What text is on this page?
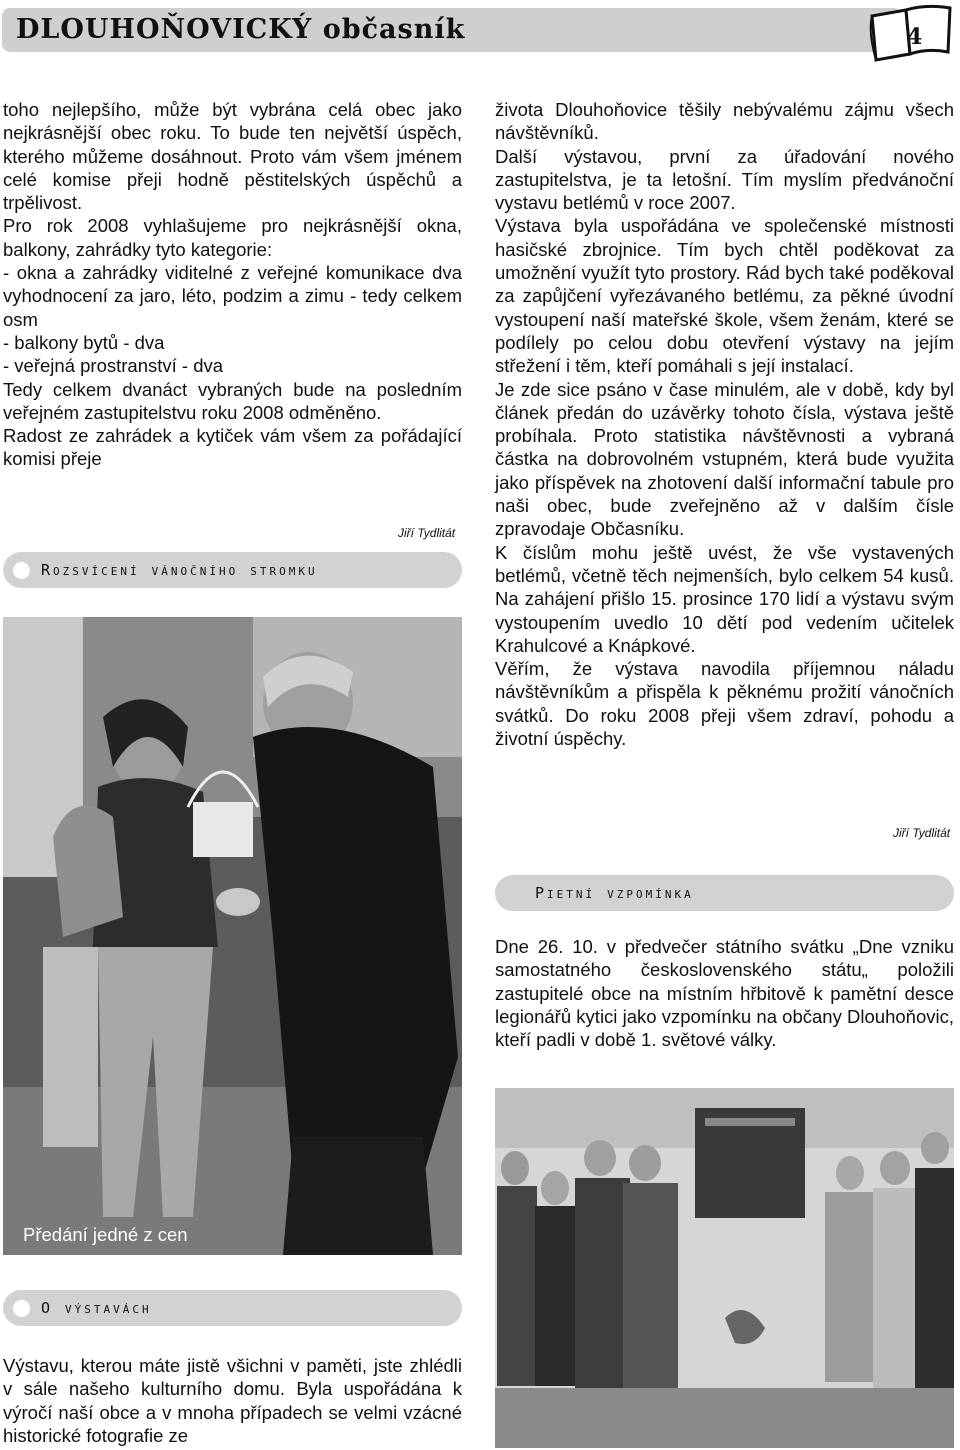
DLOUHOŇOVICKÝ občasník	4

toho nejlepšího, může být vybrána celá obec jako nejkrásnější obec roku. To bude ten největší úspěch, kterého můžeme dosáhnout. Proto vám všem jménem celé komise přeji hodně pěstitelských úspěchů a trpělivost.

Pro rok 2008 vyhlašujeme pro nejkrásnější okna, balkony, zahrádky tyto kategorie:

- okna a zahrádky viditelné z veřejné komunikace dva vyhodnocení za jaro, léto, podzim a zimu - tedy celkem osm

- balkony bytů - dva

- veřejná prostranství - dva

Tedy celkem dvanáct vybraných bude na posledním veřejném zastupitelstvu roku 2008 odměněno.

Radost ze zahrádek a kytiček vám všem za pořádající komisi přeje

Jiří Tydlitát
Rozsvícení vánočního stromku
Předání jedné z cen
O výstavách

Výstavu, kterou máte jistě všichni v paměti, jste zhlédli v sále našeho kulturního domu. Byla uspořádána k výročí naší obce a v mnoha případech se velmi vzácné historické fotografie ze

života Dlouhoňovice těšily nebývalému zájmu všech návštěvníků.

Další výstavou, první za úřadování nového zastupitelstva, je ta letošní. Tím myslím předvánoční vystavu betlémů v roce 2007.

Výstava byla uspořádána ve společenské místnosti hasičské zbrojnice. Tím bych chtěl poděkovat za umožnění využít tyto prostory. Rád bych také poděkoval za zapůjčení vyřezávaného betlému, za pěkné úvodní vystoupení naší mateřské škole, všem ženám, které se podílely po celou dobu otevření výstavy na jejím střežení i těm, kteří pomáhali s její instalací.

Je zde sice psáno v čase minulém, ale v době, kdy byl článek předán do uzávěrky tohoto čísla, výstava ještě probíhala. Proto statistika návštěvnosti a vybraná částka na dobrovolném vstupném, která bude využita jako příspěvek na zhotovení další informační tabule pro naši obec, bude zveřejněno až v dalším čísle zpravodaje Občasníku.

K číslům mohu ještě uvést, že vše vystavených betlémů, včetně těch nejmenších, bylo celkem 54 kusů. Na zahájení přišlo 15. prosince 170 lidí a výstavu svým vystoupením uvedlo 10 dětí pod vedením učitelek Krahulcové a Knápkové.

Věřím, že výstava navodila příjemnou náladu návštěvníkům a přispěla k pěknému prožití vánočních svátků. Do roku 2008 přeji všem zdraví, pohodu a životní úspěchy.

Jiří Tydlitát
Pietní vzpomínka

Dne 26. 10. v předvečer státního svátku „Dne vzniku samostatného československého státu„ položili zastupitelé obce na místním hřbitově k pamětní desce legionářů kytici jako vzpomínku na občany Dlouhoňovic, kteří padli v době 1. světové války.
